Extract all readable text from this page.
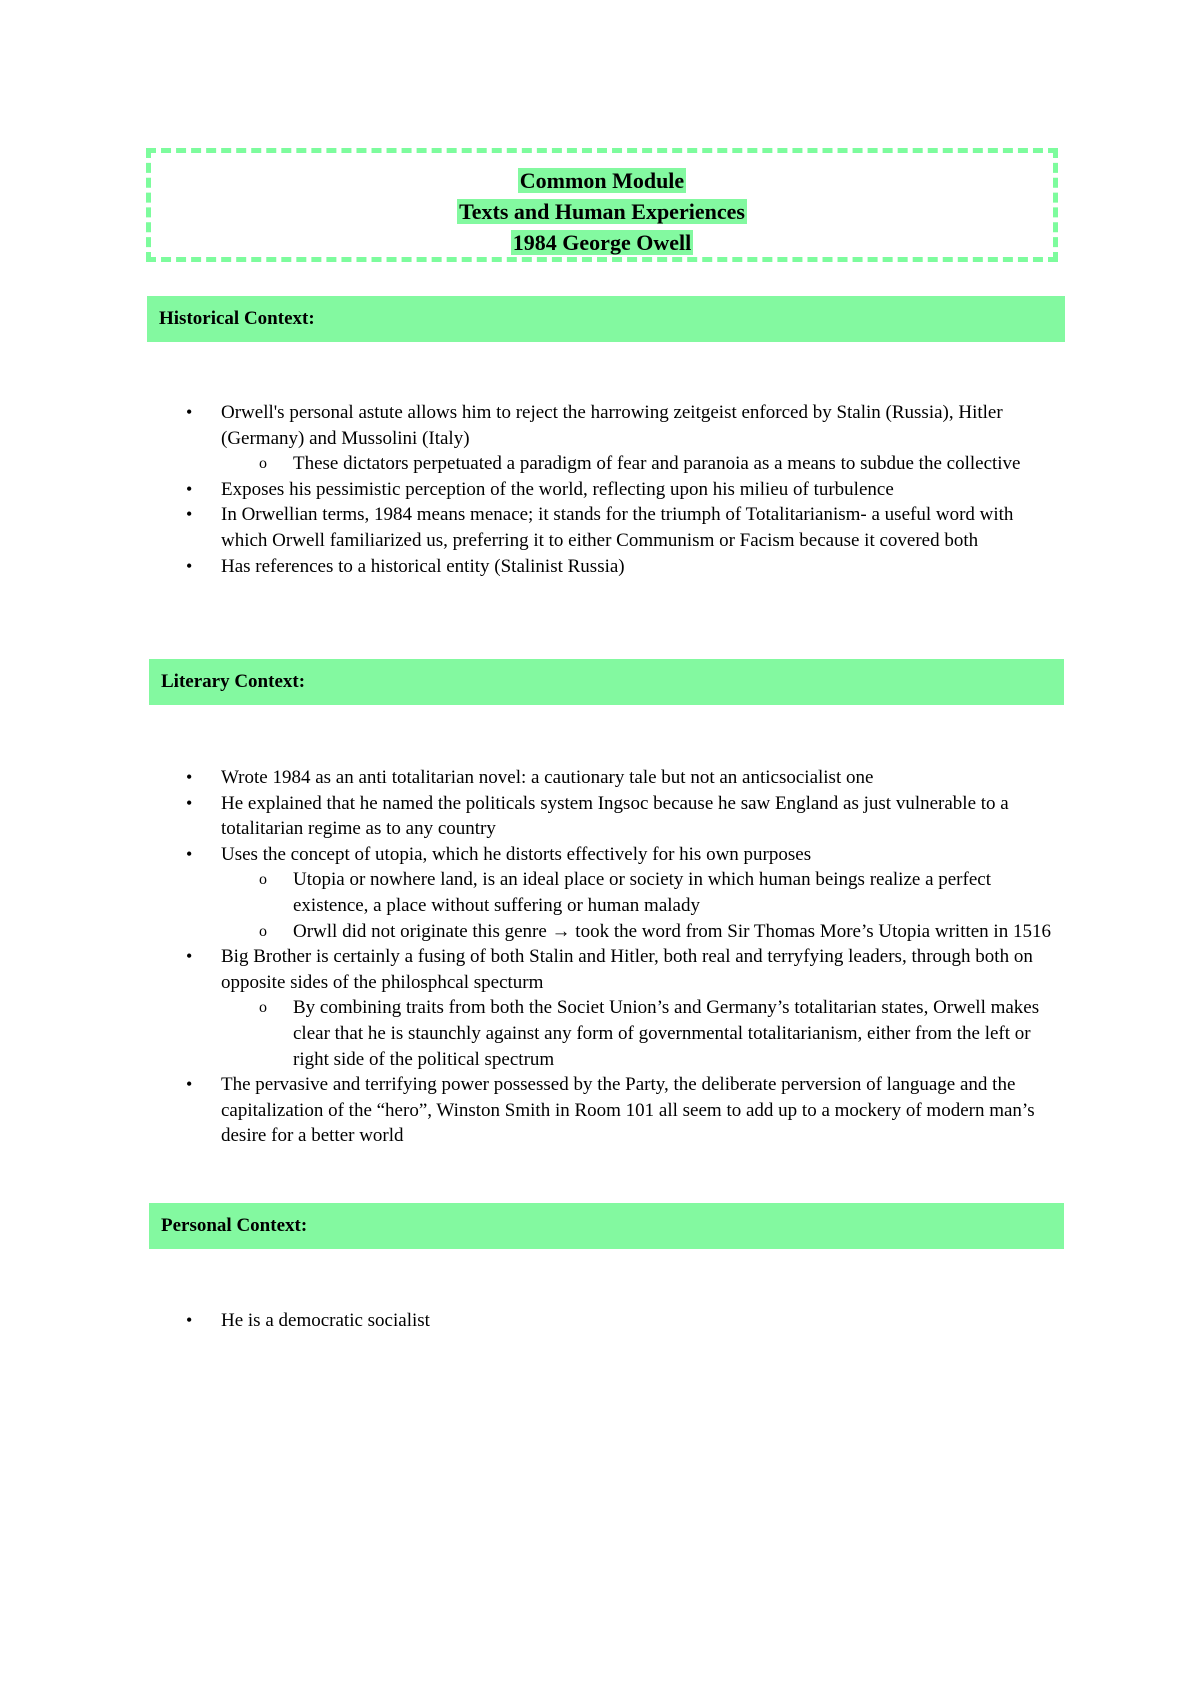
Common Module
Texts and Human Experiences
1984 George Owell
Historical Context:
• Orwell's personal astute allows him to reject the harrowing zeitgeist enforced by Stalin (Russia), Hitler (Germany) and Mussolini (Italy)
o These dictators perpetuated a paradigm of fear and paranoia as a means to subdue the collective
• Exposes his pessimistic perception of the world, reflecting upon his milieu of turbulence
• In Orwellian terms, 1984 means menace; it stands for the triumph of Totalitarianism- a useful word with which Orwell familiarized us, preferring it to either Communism or Facism because it covered both
• Has references to a historical entity (Stalinist Russia)
Literary Context:
• Wrote 1984 as an anti totalitarian novel: a cautionary tale but not an anticsocialist one
• He explained that he named the politicals system Ingsoc because he saw England as just vulnerable to a totalitarian regime as to any country
• Uses the concept of utopia, which he distorts effectively for his own purposes
o Utopia or nowhere land, is an ideal place or society in which human beings realize a perfect existence, a place without suffering or human malady
o Orwll did not originate this genre → took the word from Sir Thomas More’s Utopia written in 1516
• Big Brother is certainly a fusing of both Stalin and Hitler, both real and terryfying leaders, through both on opposite sides of the philosphcal specturm
o By combining traits from both the Societ Union’s and Germany’s totalitarian states, Orwell makes clear that he is staunchly against any form of governmental totalitarianism, either from the left or right side of the political spectrum
• The pervasive and terrifying power possessed by the Party, the deliberate perversion of language and the capitalization of the “hero”, Winston Smith in Room 101 all seem to add up to a mockery of modern man’s desire for a better world
Personal Context:
• He is a democratic socialist
